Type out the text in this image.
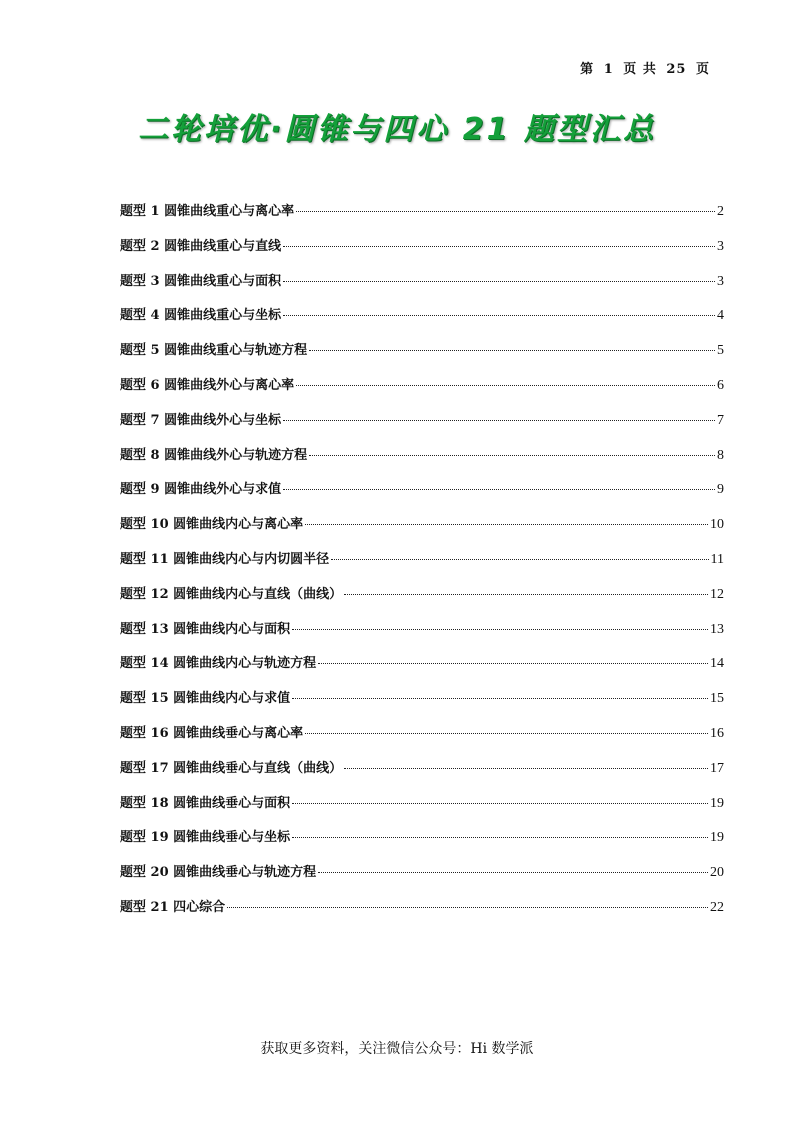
第 1 页 共 25 页
二轮培优·圆锥与四心 21 题型汇总
题型 1 圆锥曲线重心与离心率	2
题型 2 圆锥曲线重心与直线	3
题型 3 圆锥曲线重心与面积	3
题型 4 圆锥曲线重心与坐标	4
题型 5 圆锥曲线重心与轨迹方程	5
题型 6 圆锥曲线外心与离心率	6
题型 7 圆锥曲线外心与坐标	7
题型 8 圆锥曲线外心与轨迹方程	8
题型 9 圆锥曲线外心与求值	9
题型 10 圆锥曲线内心与离心率	10
题型 11 圆锥曲线内心与内切圆半径	11
题型 12 圆锥曲线内心与直线（曲线）	12
题型 13 圆锥曲线内心与面积	13
题型 14 圆锥曲线内心与轨迹方程	14
题型 15 圆锥曲线内心与求值	15
题型 16 圆锥曲线垂心与离心率	16
题型 17 圆锥曲线垂心与直线（曲线）	17
题型 18 圆锥曲线垂心与面积	19
题型 19 圆锥曲线垂心与坐标	19
题型 20 圆锥曲线垂心与轨迹方程	20
题型 21 四心综合	22
获取更多资料，关注微信公众号：Hi 数学派
